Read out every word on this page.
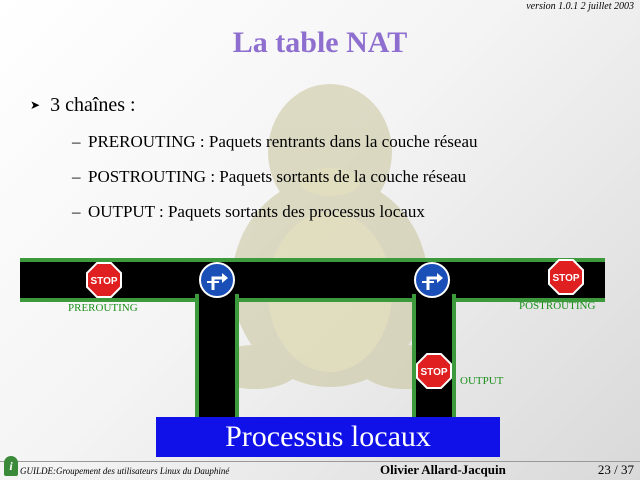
version 1.0.1 2 juillet 2003
La table NAT
➤ 3 chaînes :
– PREROUTING : Paquets rentrants dans la couche réseau
– POSTROUTING : Paquets sortants de la couche réseau
– OUTPUT : Paquets sortants des processus locaux
STOP	STOP
STOP
PREROUTING	POSTROUTING
OUTPUT
Processus locaux
i GUILDE:Groupement des utilisateurs Linux du Dauphiné	Olivier Allard-Jacquin	23 / 37
